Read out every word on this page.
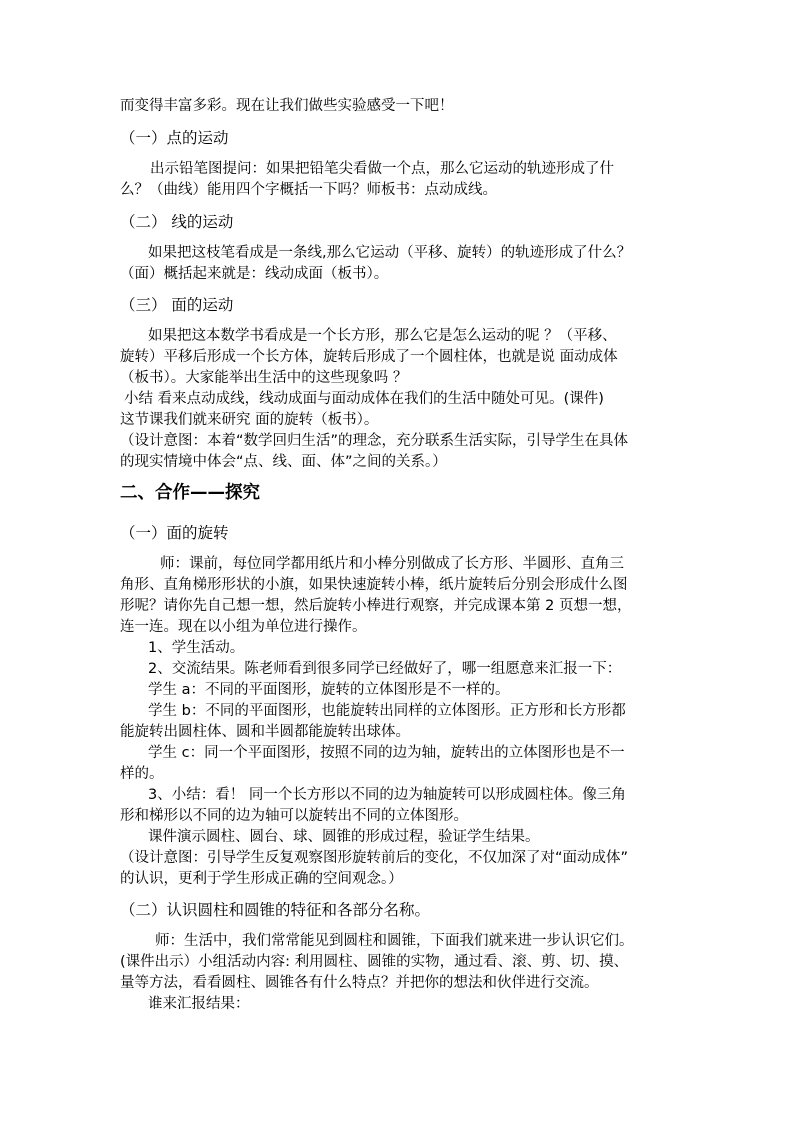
而变得丰富多彩。现在让我们做些实验感受一下吧！
（一）点的运动
出示铅笔图提问：如果把铅笔尖看做一个点，那么它运动的轨迹形成了什
么？（曲线）能用四个字概括一下吗？师板书：点动成线。
（二） 线的运动
如果把这枝笔看成是一条线,那么它运动（平移、旋转）的轨迹形成了什么？
（面）概括起来就是：线动成面（板书）。
（三） 面的运动
如果把这本数学书看成是一个长方形，那么它是怎么运动的呢 ？（平移、
旋转）平移后形成一个长方体，旋转后形成了一个圆柱体，也就是说 面动成体
（板书）。大家能举出生活中的这些现象吗 ？
小结 看来点动成线，线动成面与面动成体在我们的生活中随处可见。(课件)
这节课我们就来研究 面的旋转（板书）。
（设计意图：本着“数学回归生活”的理念，充分联系生活实际，引导学生在具体
的现实情境中体会“点、线、面、体”之间的关系。）
二、合作——探究
（一）面的旋转
师：课前，每位同学都用纸片和小棒分别做成了长方形、半圆形、直角三
角形、直角梯形形状的小旗，如果快速旋转小棒，纸片旋转后分别会形成什么图
形呢？请你先自己想一想，然后旋转小棒进行观察，并完成课本第 2 页想一想，
连一连。现在以小组为单位进行操作。
1、学生活动。
2、交流结果。陈老师看到很多同学已经做好了，哪一组愿意来汇报一下：
学生 a：不同的平面图形，旋转的立体图形是不一样的。
学生 b：不同的平面图形，也能旋转出同样的立体图形。正方形和长方形都
能旋转出圆柱体、圆和半圆都能旋转出球体。
学生 c：同一个平面图形，按照不同的边为轴，旋转出的立体图形也是不一
样的。
3、小结：看！ 同一个长方形以不同的边为轴旋转可以形成圆柱体。像三角
形和梯形以不同的边为轴可以旋转出不同的立体图形。
课件演示圆柱、圆台、球、圆锥的形成过程，验证学生结果。
（设计意图：引导学生反复观察图形旋转前后的变化，不仅加深了对“面动成体”
的认识，更利于学生形成正确的空间观念。）
（二）认识圆柱和圆锥的特征和各部分名称。
师：生活中，我们常常能见到圆柱和圆锥，下面我们就来进一步认识它们。
(课件出示）小组活动内容: 利用圆柱、圆锥的实物，通过看、滚、剪、切、摸、
量等方法，看看圆柱、圆锥各有什么特点？并把你的想法和伙伴进行交流。
谁来汇报结果：
